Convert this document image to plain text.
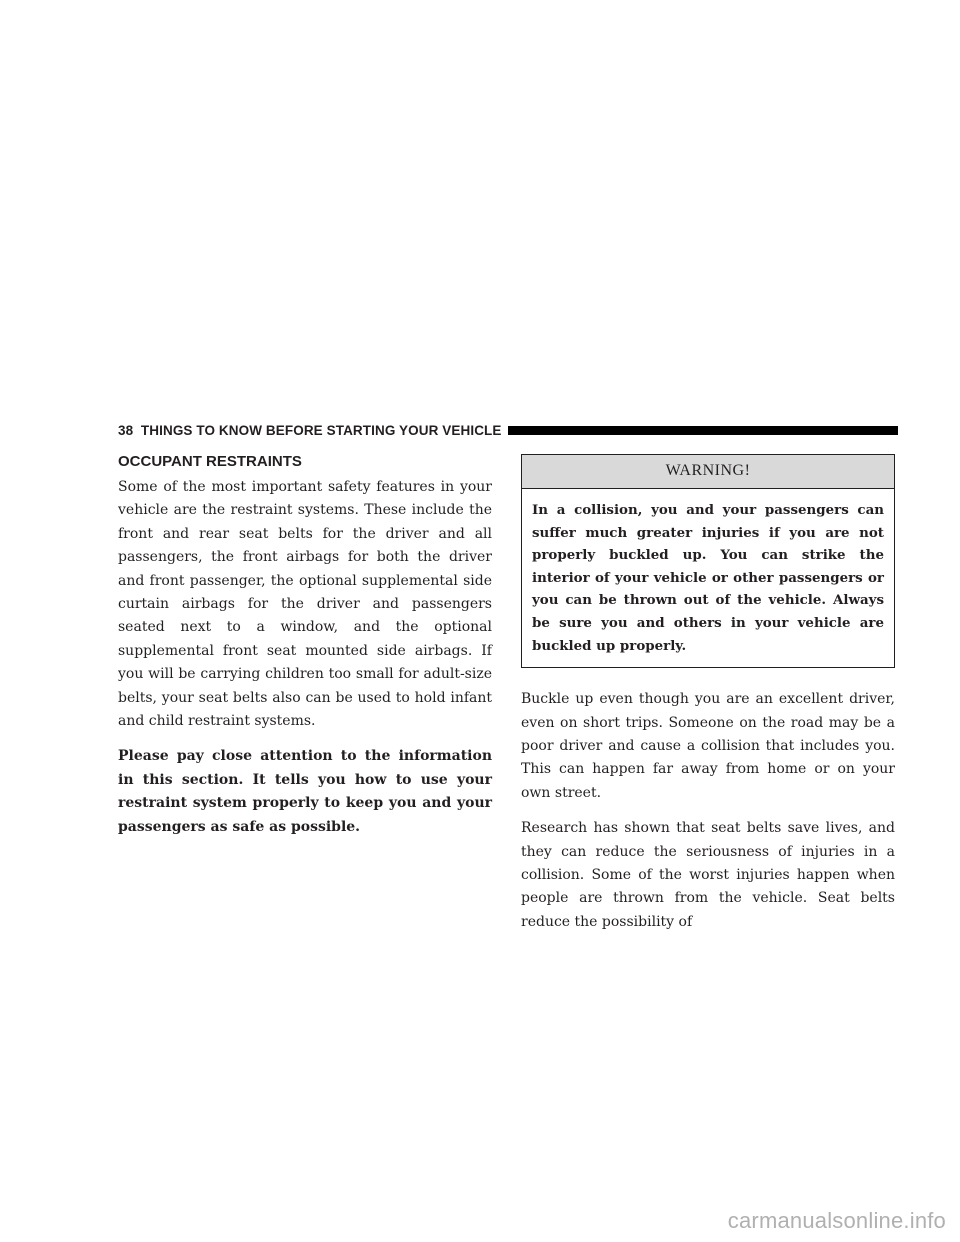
38 THINGS TO KNOW BEFORE STARTING YOUR VEHICLE
OCCUPANT RESTRAINTS

Some of the most important safety features in your vehicle are the restraint systems. These include the front and rear seat belts for the driver and all passengers, the front airbags for both the driver and front passenger, the optional supplemental side curtain airbags for the driver and passengers seated next to a window, and the optional supplemental front seat mounted side airbags. If you will be carrying children too small for adult-size belts, your seat belts also can be used to hold infant and child restraint systems.

Please pay close attention to the information in this section. It tells you how to use your restraint system properly to keep you and your passengers as safe as possible.

WARNING!
In a collision, you and your passengers can suffer much greater injuries if you are not properly buckled up. You can strike the interior of your vehicle or other passengers or you can be thrown out of the vehicle. Always be sure you and others in your vehicle are buckled up properly.

Buckle up even though you are an excellent driver, even on short trips. Someone on the road may be a poor driver and cause a collision that includes you. This can happen far away from home or on your own street.

Research has shown that seat belts save lives, and they can reduce the seriousness of injuries in a collision. Some of the worst injuries happen when people are thrown from the vehicle. Seat belts reduce the possibility of

carmanualsonline.info
